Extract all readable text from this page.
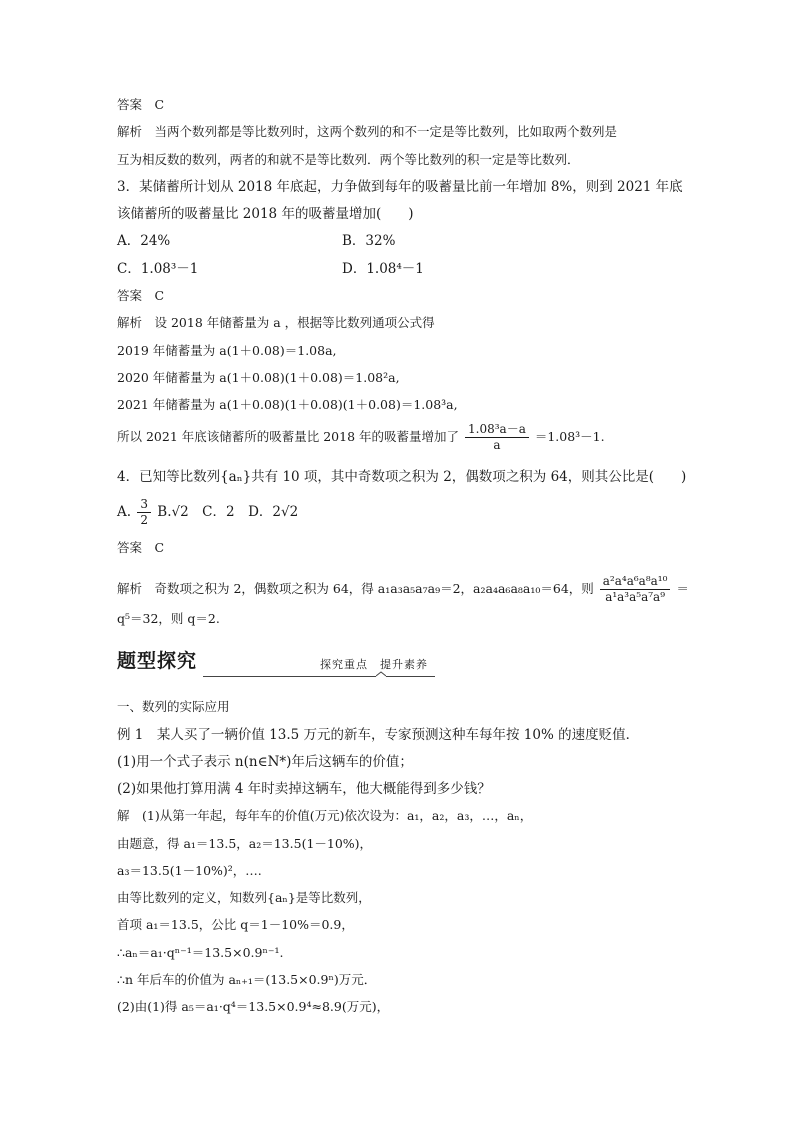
答案　C
解析　当两个数列都是等比数列时，这两个数列的和不一定是等比数列，比如取两个数列是
互为相反数的数列，两者的和就不是等比数列．两个等比数列的积一定是等比数列．
3．某储蓄所计划从 2018 年底起，力争做到每年的吸蓄量比前一年增加 8%，则到 2021 年底
该储蓄所的吸蓄量比 2018 年的吸蓄量增加(　　)
A．24%	B．32%
C．1.08³－1	D．1.08⁴－1
答案　C
解析　设 2018 年储蓄量为 a ，根据等比数列通项公式得
2019 年储蓄量为 a(1＋0.08)＝1.08a,
2020 年储蓄量为 a(1＋0.08)(1＋0.08)＝1.08²a,
2021 年储蓄量为 a(1＋0.08)(1＋0.08)(1＋0.08)＝1.08³a,
所以 2021 年底该储蓄所的吸蓄量比 2018 年的吸蓄量增加了 $\frac{\text{1.08³a－a}}{a} =1.08^3-1$.
4．已知等比数列{aₙ}共有 10 项，其中奇数项之积为 2，偶数项之积为 64，则其公比是(　　)
A. $\frac{3}{2} B.√2$　C．2　D．2√2
答案　C
解析　奇数项之积为 2，偶数项之积为 64，得 a₁a₃a₅a₇a₉＝2，a₂a₄a₆a₈a₁₀＝64，则 $\frac{\text{a²a⁴a⁶a⁸a¹⁰}}{\text{a¹a³a⁵a⁷a⁹}}$ ＝
q⁵＝32，则 q＝2.
题型探究	探究重点　提升素养
一、数列的实际应用
例 1　某人买了一辆价值 13.5 万元的新车，专家预测这种车每年按 10% 的速度贬值．
(1)用一个式子表示 n(n∈N*)年后这辆车的价值；
(2)如果他打算用满 4 年时卖掉这辆车，他大概能得到多少钱？
解　(1)从第一年起，每年车的价值(万元)依次设为：a₁，a₂，a₃，…，aₙ，
由题意，得 a₁＝13.5，a₂＝13.5(1－10%)，
a₃＝13.5(1－10%)²，….
由等比数列的定义，知数列{aₙ}是等比数列，
首项 a₁＝13.5，公比 q＝1－10%＝0.9，
∴aₙ＝a₁·qⁿ⁻¹＝13.5×0.9ⁿ⁻¹.
∴n 年后车的价值为 aₙ₊₁＝(13.5×0.9ⁿ)万元．
(2)由(1)得 a₅＝a₁·q⁴＝13.5×0.9⁴≈8.9(万元)，
